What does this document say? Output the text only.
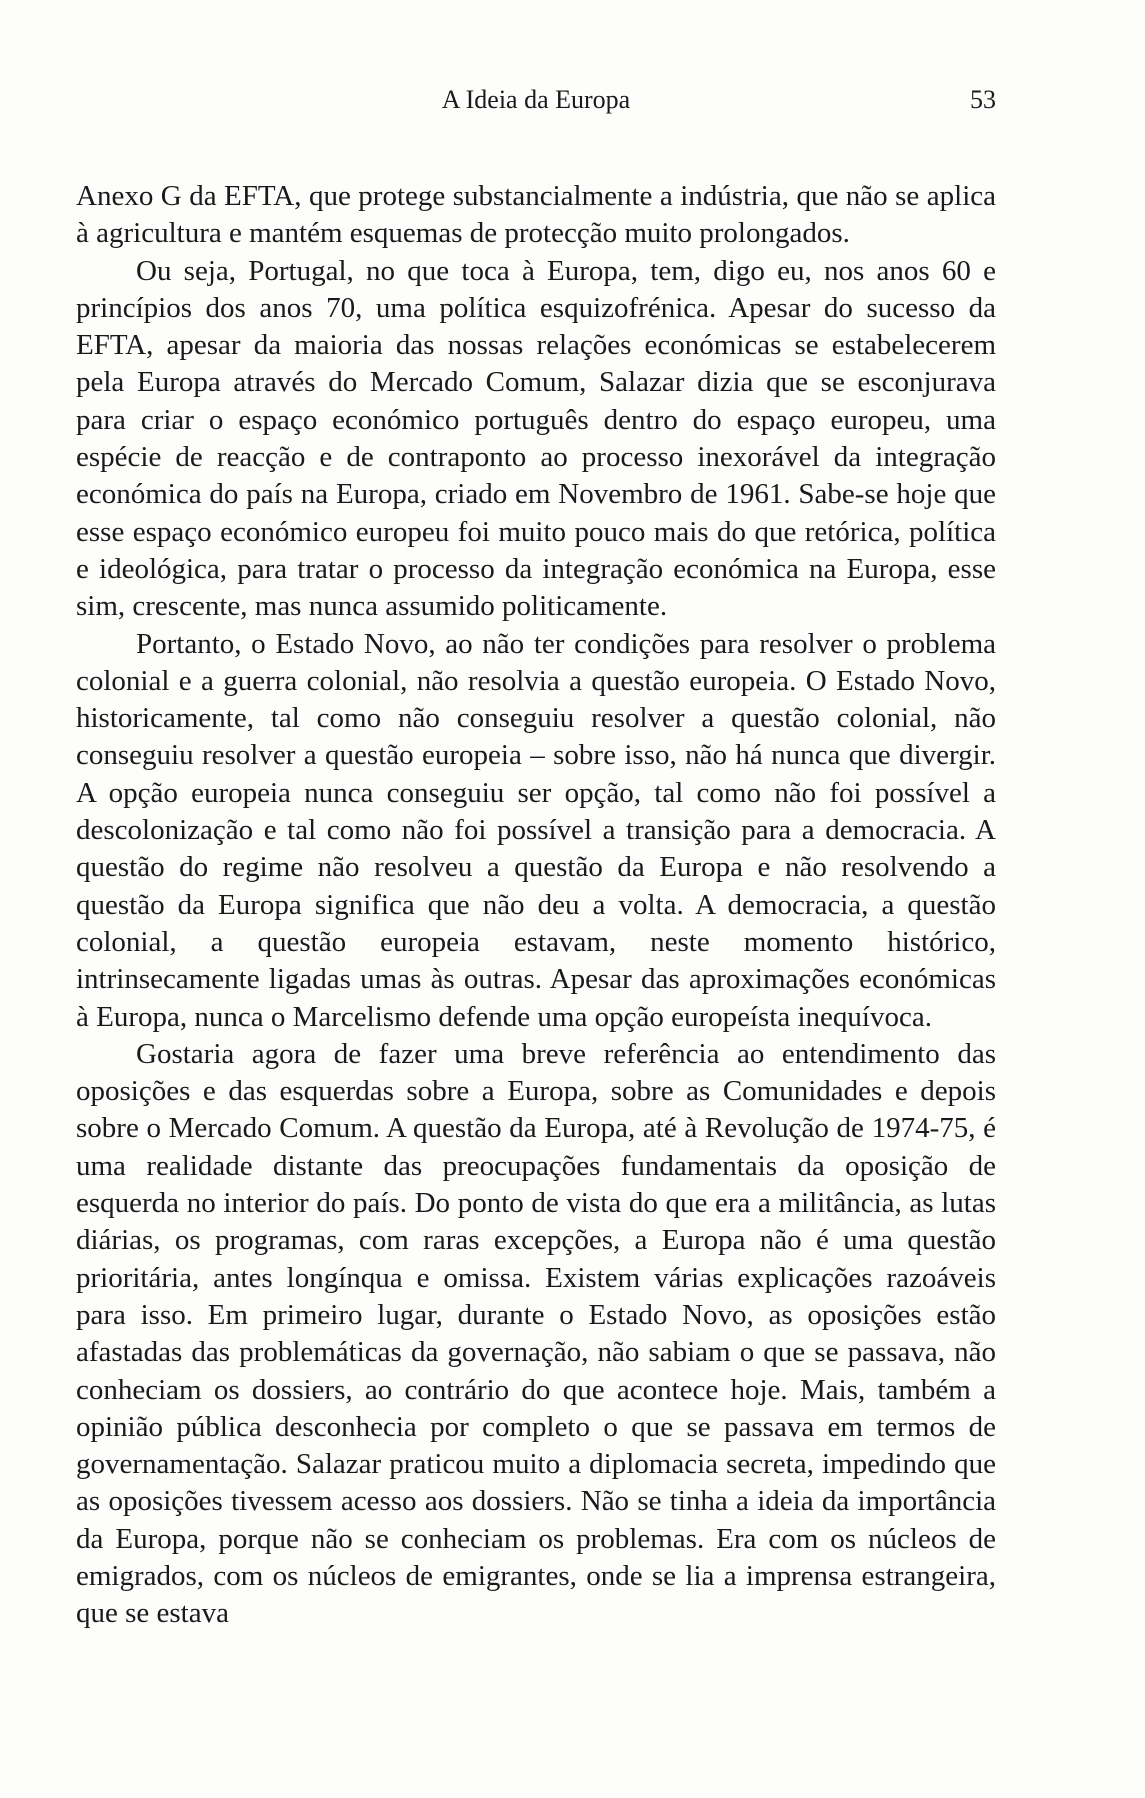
A Ideia da Europa	53

Anexo G da EFTA, que protege substancialmente a indústria, que não se aplica à agricultura e mantém esquemas de protecção muito prolongados.

Ou seja, Portugal, no que toca à Europa, tem, digo eu, nos anos 60 e princípios dos anos 70, uma política esquizofrénica. Apesar do sucesso da EFTA, apesar da maioria das nossas relações económicas se estabelecerem pela Europa através do Mercado Comum, Salazar dizia que se esconjurava para criar o espaço económico português dentro do espaço europeu, uma espécie de reacção e de contraponto ao processo inexorável da integração económica do país na Europa, criado em Novembro de 1961. Sabe-se hoje que esse espaço económico europeu foi muito pouco mais do que retórica, política e ideológica, para tratar o processo da integração económica na Europa, esse sim, crescente, mas nunca assumido politicamente.

Portanto, o Estado Novo, ao não ter condições para resolver o problema colonial e a guerra colonial, não resolvia a questão europeia. O Estado Novo, historicamente, tal como não conseguiu resolver a questão colonial, não conseguiu resolver a questão europeia – sobre isso, não há nunca que divergir. A opção europeia nunca conseguiu ser opção, tal como não foi possível a descolonização e tal como não foi possível a transição para a democracia. A questão do regime não resolveu a questão da Europa e não resolvendo a questão da Europa significa que não deu a volta. A democracia, a questão colonial, a questão europeia estavam, neste momento histórico, intrinsecamente ligadas umas às outras. Apesar das aproximações económicas à Europa, nunca o Marcelismo defende uma opção europeísta inequívoca.

Gostaria agora de fazer uma breve referência ao entendimento das oposições e das esquerdas sobre a Europa, sobre as Comunidades e depois sobre o Mercado Comum. A questão da Europa, até à Revolução de 1974-75, é uma realidade distante das preocupações fundamentais da oposição de esquerda no interior do país. Do ponto de vista do que era a militância, as lutas diárias, os programas, com raras excepções, a Europa não é uma questão prioritária, antes longínqua e omissa. Existem várias explicações razoáveis para isso. Em primeiro lugar, durante o Estado Novo, as oposições estão afastadas das problemáticas da governação, não sabiam o que se passava, não conheciam os dossiers, ao contrário do que acontece hoje. Mais, também a opinião pública desconhecia por completo o que se passava em termos de governamentação. Salazar praticou muito a diplomacia secreta, impedindo que as oposições tivessem acesso aos dossiers. Não se tinha a ideia da importância da Europa, porque não se conheciam os problemas. Era com os núcleos de emigrados, com os núcleos de emigrantes, onde se lia a imprensa estrangeira, que se estava
